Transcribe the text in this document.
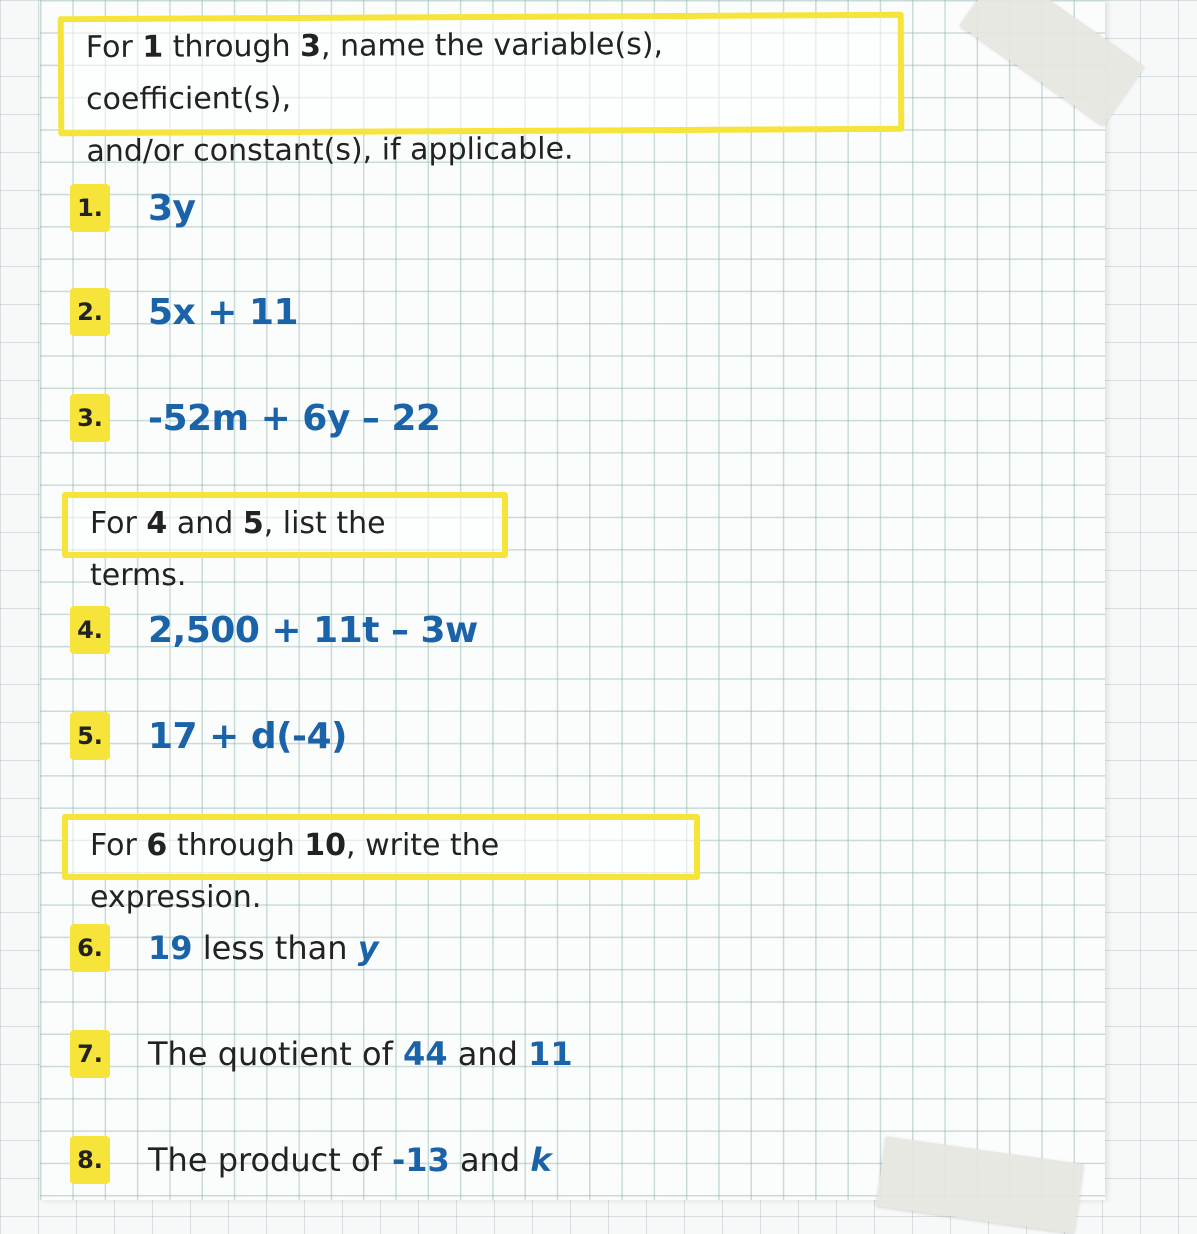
For 1 through 3, name the variable(s), coefficient(s),
and/or constant(s), if applicable.
1. 3y
2. 5x + 11
3. -52m + 6y – 22
For 4 and 5, list the terms.
4. 2,500 + 11t – 3w
5. 17 + d(-4)
For 6 through 10, write the expression.
6. 19 less than y
7. The quotient of 44 and 11
8. The product of -13 and k
